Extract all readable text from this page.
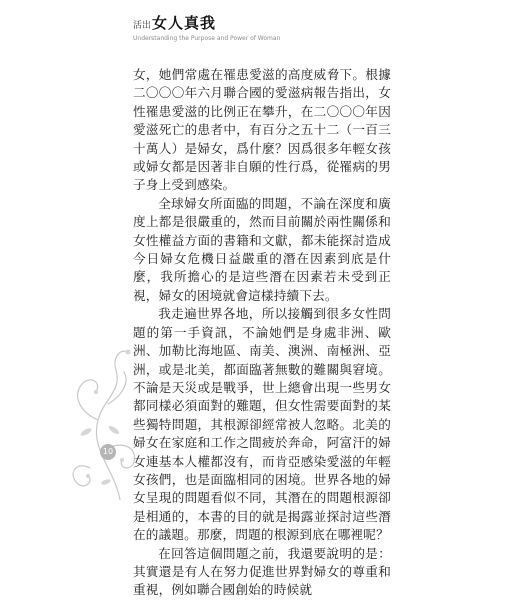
活出 女人真我
Understanding the Purpose and Power of Woman

女，她們常處在罹患愛滋的高度威脅下。根據二〇〇〇年六月聯合國的愛滋病報告指出，女性罹患愛滋的比例正在攀升，在二〇〇〇年因愛滋死亡的患者中，有百分之五十二（一百三十萬人）是婦女，爲什麼？因爲很多年輕女孩或婦女都是因著非自願的性行爲，從罹病的男子身上受到感染。

全球婦女所面臨的問題，不論在深度和廣度上都是很嚴重的，然而目前關於兩性關係和女性權益方面的書籍和文獻，都未能探討造成今日婦女危機日益嚴重的潛在因素到底是什麼，我所擔心的是這些潛在因素若未受到正視，婦女的困境就會這樣持續下去。

我走遍世界各地，所以接觸到很多女性問題的第一手資訊，不論她們是身處非洲、歐洲、加勒比海地區、南美、澳洲、南極洲、亞洲，或是北美，都面臨著無數的難關與窘境。不論是天災或是戰爭，世上總會出現一些男女都同樣必須面對的難題，但女性需要面對的某些獨特問題，其根源卻經常被人忽略。北美的婦女在家庭和工作之間疲於奔命，阿富汗的婦女連基本人權都沒有，而肯亞感染愛滋的年輕女孩們，也是面臨相同的困境。世界各地的婦女呈現的問題看似不同，其潛在的問題根源卻是相通的，本書的目的就是揭露並探討這些潛在的議題。那麼，問題的根源到底在哪裡呢？

在回答這個問題之前，我還要說明的是：其實還是有人在努力促進世界對婦女的尊重和重視，例如聯合國創始的時候就

10
